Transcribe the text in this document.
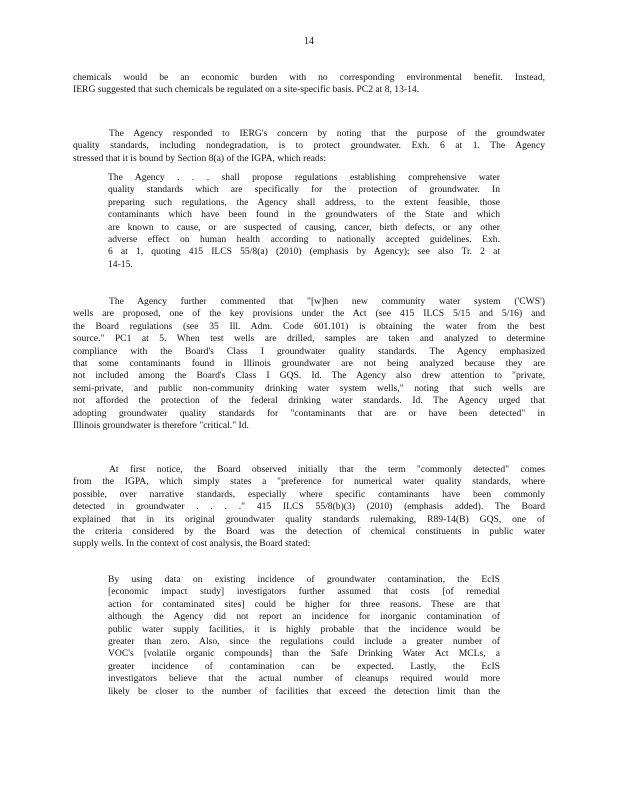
14
chemicals would be an economic burden with no corresponding environmental benefit. Instead,
IERG suggested that such chemicals be regulated on a site-specific basis. PC2 at 8, 13-14.
The Agency responded to IERG's concern by noting that the purpose of the groundwater
quality standards, including nondegradation, is to protect groundwater. Exh. 6 at 1. The Agency
stressed that it is bound by Section 8(a) of the IGPA, which reads:
The Agency . . . shall propose regulations establishing comprehensive water
quality standards which are specifically for the protection of groundwater. In
preparing such regulations, the Agency shall address, to the extent feasible, those
contaminants which have been found in the groundwaters of the State and which
are known to cause, or are suspected of causing, cancer, birth defects, or any other
adverse effect on human health according to nationally accepted guidelines. Exh.
6 at 1, quoting 415 ILCS 55/8(a) (2010) (emphasis by Agency); see also Tr. 2 at
14-15.
The Agency further commented that "[w]hen new community water system ('CWS')
wells are proposed, one of the key provisions under the Act (see 415 ILCS 5/15 and 5/16) and
the Board regulations (see 35 Ill. Adm. Code 601.101) is obtaining the water from the best
source." PC1 at 5. When test wells are drilled, samples are taken and analyzed to determine
compliance with the Board's Class I groundwater quality standards. The Agency emphasized
that some contaminants found in Illinois groundwater are not being analyzed because they are
not included among the Board's Class I GQS. Id. The Agency also drew attention to "private,
semi-private, and public non-community drinking water system wells," noting that such wells are
not afforded the protection of the federal drinking water standards. Id. The Agency urged that
adopting groundwater quality standards for "contaminants that are or have been detected" in
Illinois groundwater is therefore "critical." Id.
At first notice, the Board observed initially that the term "commonly detected" comes
from the IGPA, which simply states a "preference for numerical water quality standards, where
possible, over narrative standards, especially where specific contaminants have been commonly
detected in groundwater . . . ." 415 ILCS 55/8(b)(3) (2010) (emphasis added). The Board
explained that in its original groundwater quality standards rulemaking, R89-14(B) GQS, one of
the criteria considered by the Board was the detection of chemical constituents in public water
supply wells. In the context of cost analysis, the Board stated:
By using data on existing incidence of groundwater contamination, the EcIS
[economic impact study] investigators further assumed that costs [of remedial
action for contaminated sites] could be higher for three reasons. These are that
although the Agency did not report an incidence for inorganic contamination of
public water supply facilities, it is highly probable that the incidence would be
greater than zero. Also, since the regulations could include a greater number of
VOC's [volatile organic compounds] than the Safe Drinking Water Act MCLs, a
greater incidence of contamination can be expected. Lastly, the EcIS
investigators believe that the actual number of cleanups required would more
likely be closer to the number of facilities that exceed the detection limit than the
